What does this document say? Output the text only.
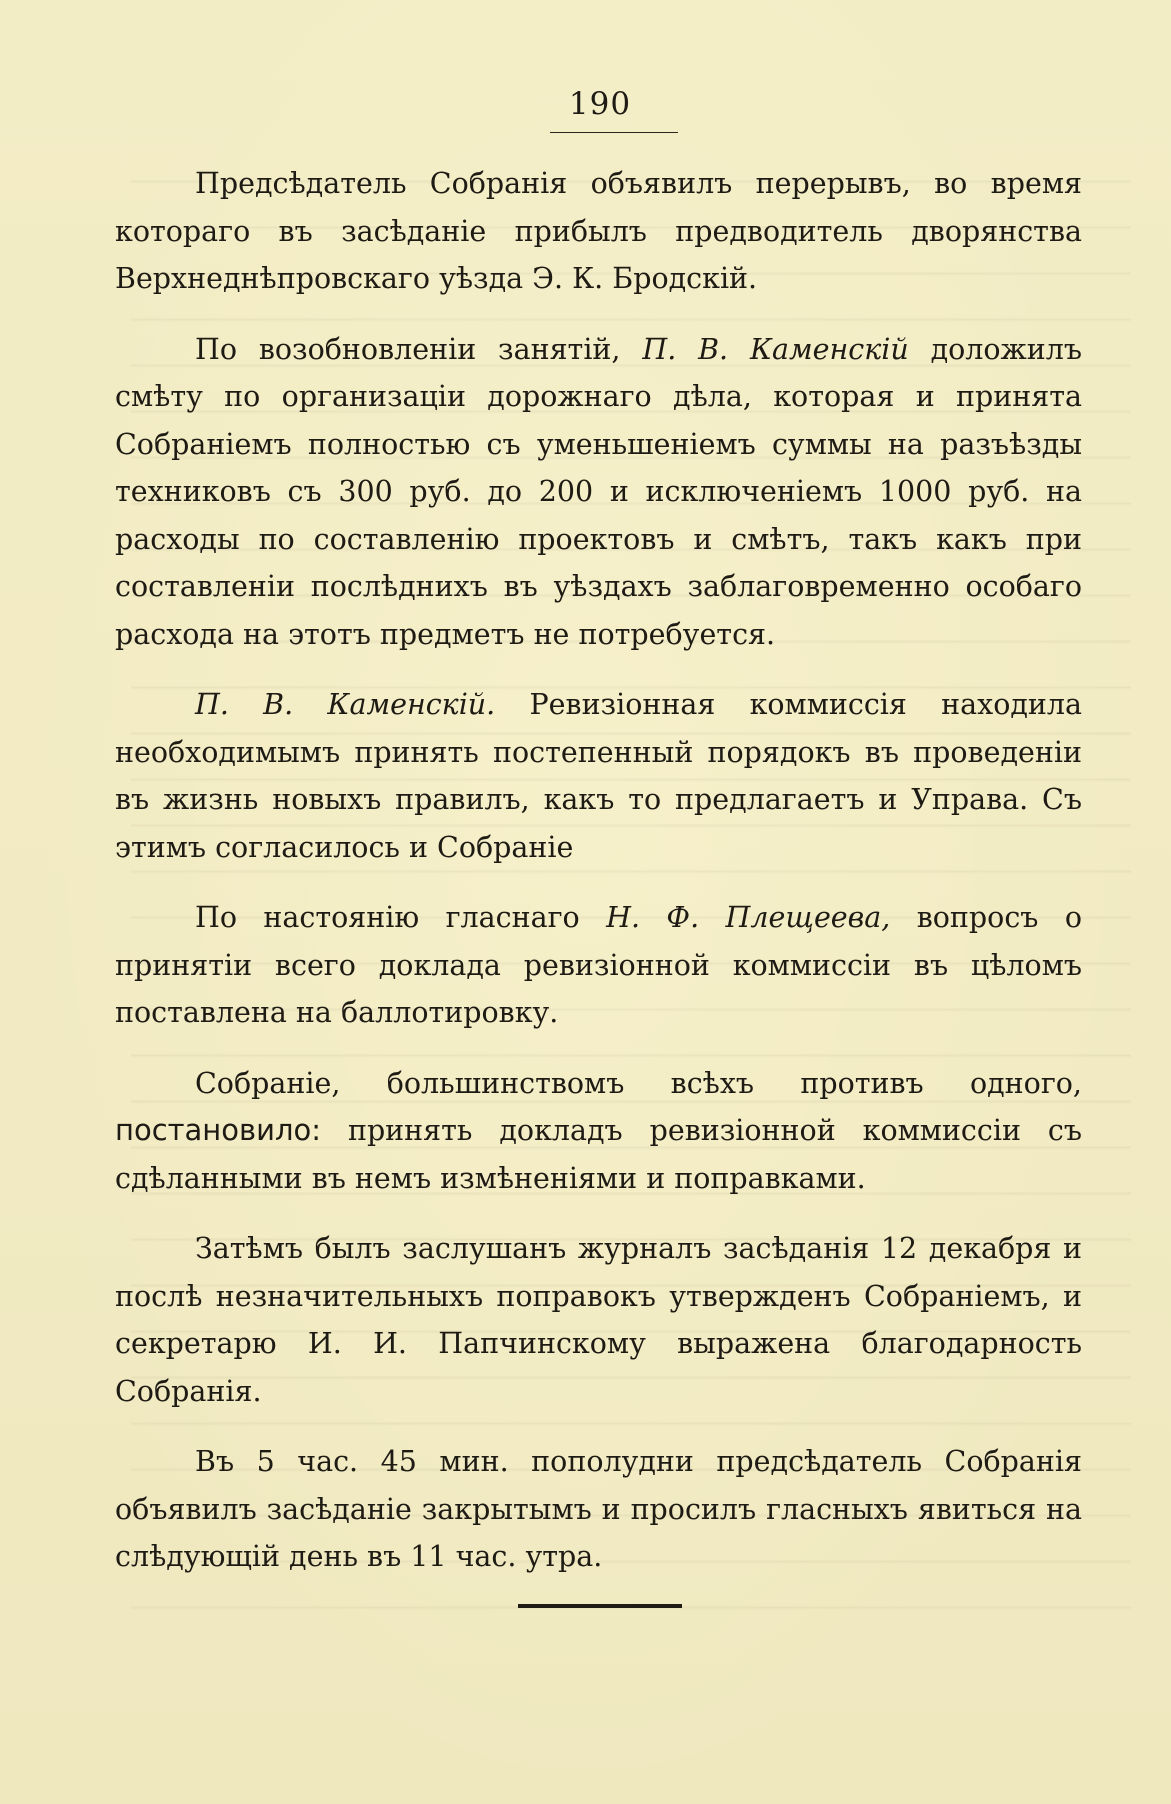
190

Предсѣдатель Собранія объявилъ перерывъ, во время котораго въ засѣданіе прибылъ предводитель дворянства Верхнеднѣпровскаго уѣзда Э. К. Бродскій.

По возобновленіи занятій, П. В. Каменскій доложилъ смѣту по организаціи дорожнаго дѣла, которая и принята Собраніемъ полностью съ уменьшеніемъ суммы на разъѣзды техниковъ съ 300 руб. до 200 и исключеніемъ 1000 руб. на расходы по составленію проектовъ и смѣтъ, такъ какъ при составленіи послѣднихъ въ уѣздахъ заблаговременно особаго расхода на этотъ предметъ не потребуется.

П. В. Каменскій. Ревизіонная коммиссія находила необходимымъ принять постепенный порядокъ въ проведеніи въ жизнь новыхъ правилъ, какъ то предлагаетъ и Управа. Съ этимъ согласилось и Собраніе

По настоянію гласнаго Н. Ф. Плещеева, вопросъ о принятіи всего доклада ревизіонной коммиссіи въ цѣломъ поставлена на баллотировку.

Собраніе, большинствомъ всѣхъ противъ одного, постановило: принять докладъ ревизіонной коммиссіи съ сдѣланными въ немъ измѣненіями и поправками.

Затѣмъ былъ заслушанъ журналъ засѣданія 12 декабря и послѣ незначительныхъ поправокъ утвержденъ Собраніемъ, и секретарю И. И. Папчинскому выражена благодарность Собранія.

Въ 5 час. 45 мин. пополудни предсѣдатель Собранія объявилъ засѣданіе закрытымъ и просилъ гласныхъ явиться на слѣдующій день въ 11 час. утра.
